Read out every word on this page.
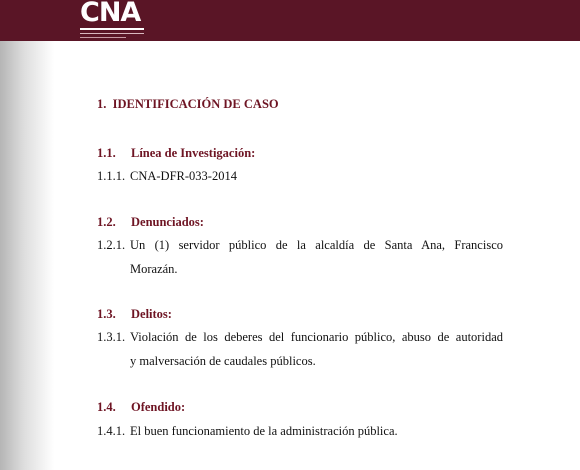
CNA
1. IDENTIFICACIÓN DE CASO
1.1. Línea de Investigación:
1.1.1. CNA-DFR-033-2014
1.2. Denunciados:
1.2.1. Un (1) servidor público de la alcaldía de Santa Ana, Francisco
Morazán.
1.3. Delitos:
1.3.1. Violación de los deberes del funcionario público, abuso de autoridad
y malversación de caudales públicos.
1.4. Ofendido:
1.4.1. El buen funcionamiento de la administración pública.
